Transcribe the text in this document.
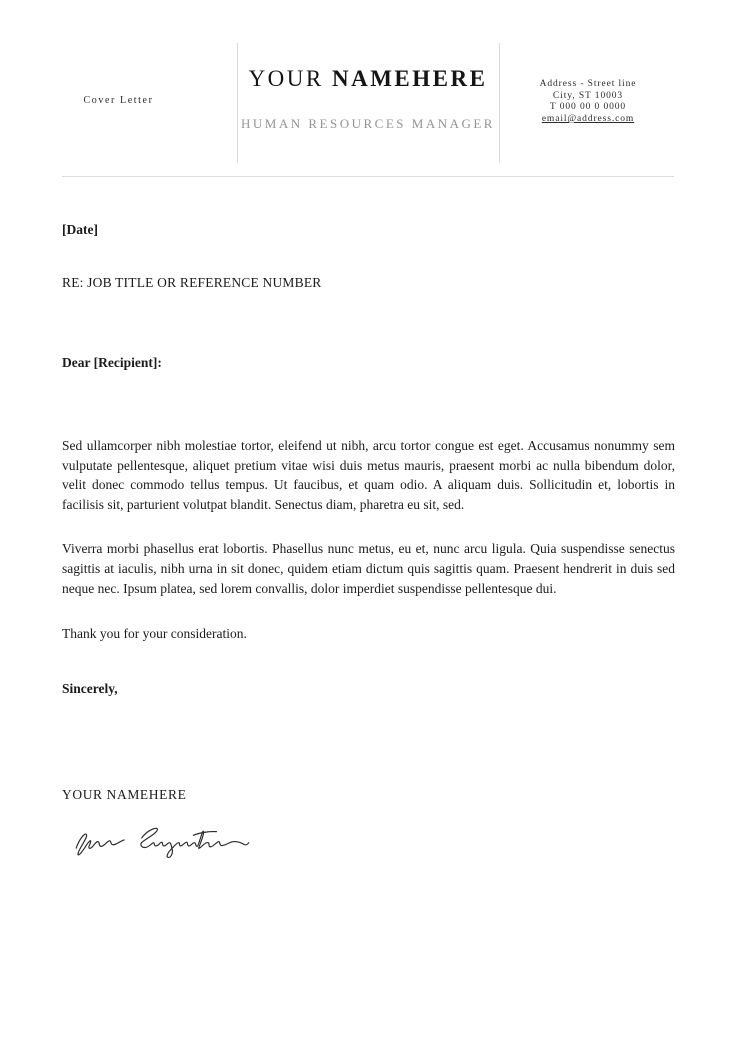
Cover Letter
YOUR NAMEHERE
HUMAN RESOURCES MANAGER
Address - Street line
City, ST 10003
T 000 00 0 0000
email@address.com

[Date]

RE: JOB TITLE OR REFERENCE NUMBER

Dear [Recipient]:

Sed ullamcorper nibh molestiae tortor, eleifend ut nibh, arcu tortor congue est eget. Accusamus nonummy sem vulputate pellentesque, aliquet pretium vitae wisi duis metus mauris, praesent morbi ac nulla bibendum dolor, velit donec commodo tellus tempus. Ut faucibus, et quam odio. A aliquam duis. Sollicitudin et, lobortis in facilisis sit, parturient volutpat blandit. Senectus diam, pharetra eu sit, sed.

Viverra morbi phasellus erat lobortis. Phasellus nunc metus, eu et, nunc arcu ligula. Quia suspendisse senectus sagittis at iaculis, nibh urna in sit donec, quidem etiam dictum quis sagittis quam. Praesent hendrerit in duis sed neque nec. Ipsum platea, sed lorem convallis, dolor imperdiet suspendisse pellentesque dui.

Thank you for your consideration.

Sincerely,

YOUR NAMEHERE
